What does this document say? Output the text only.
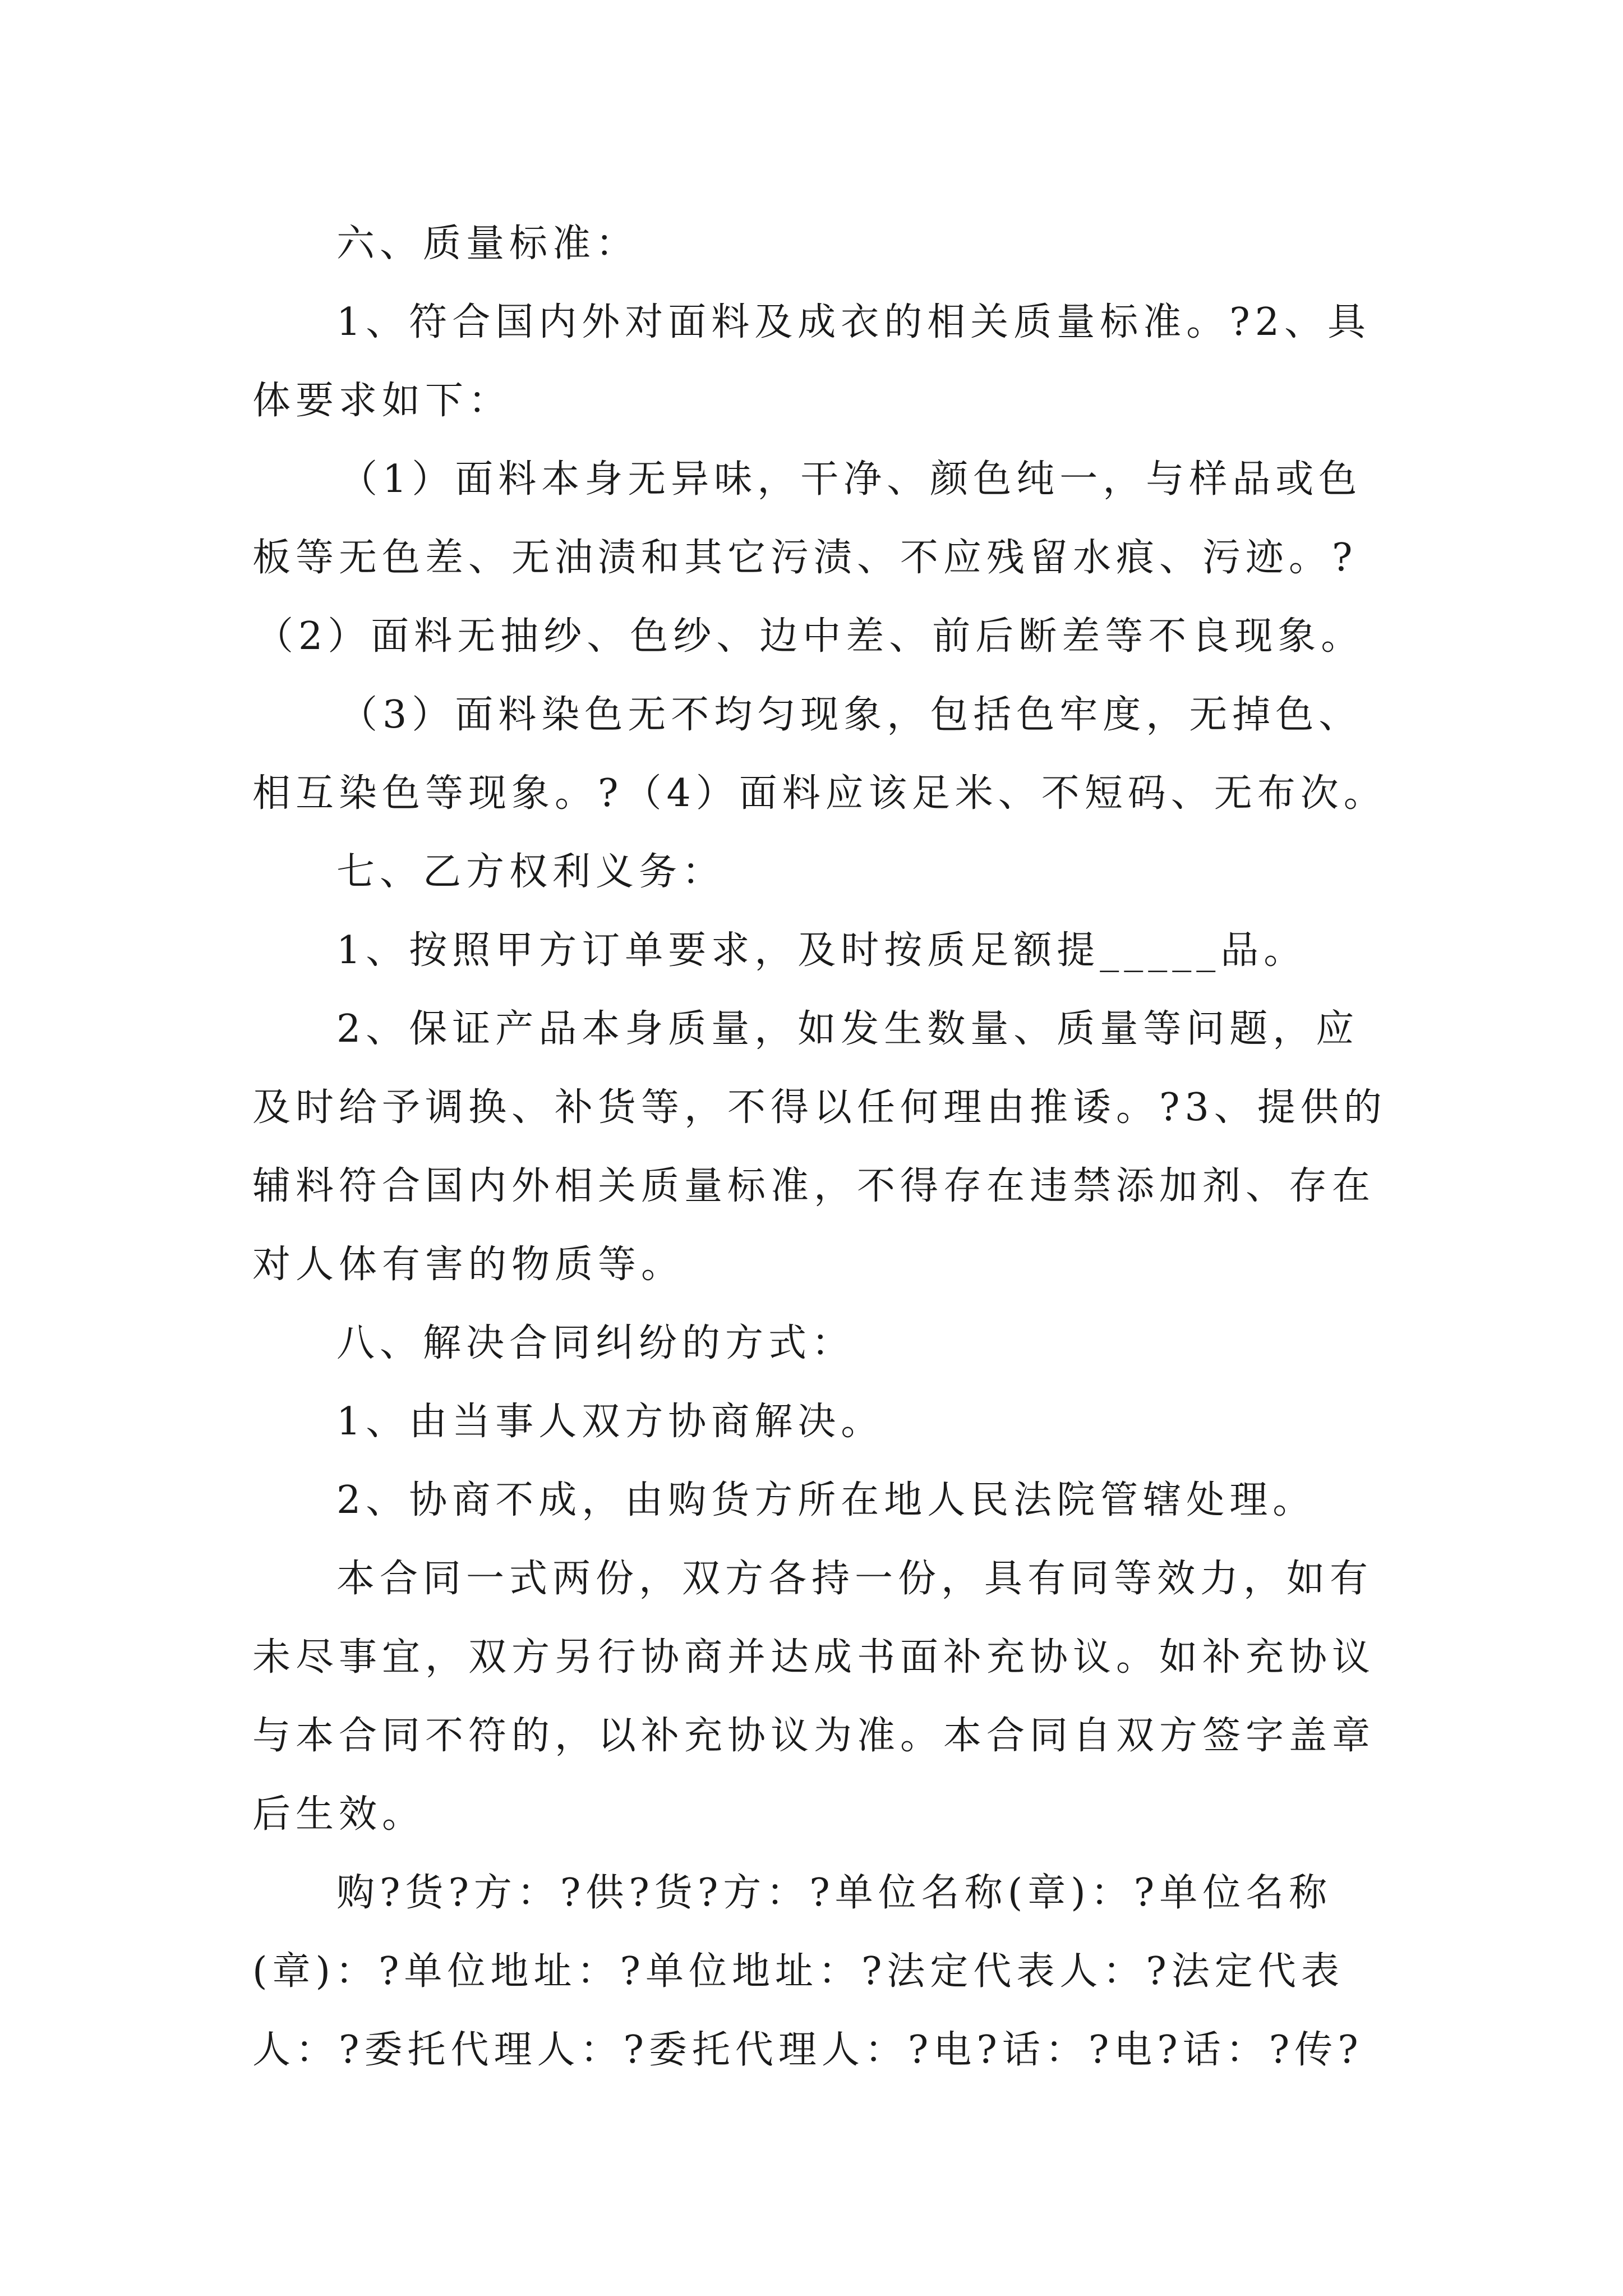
六、质量标准：
1、符合国内外对面料及成衣的相关质量标准。?2、具
体要求如下：
（1）面料本身无异味，干净、颜色纯一，与样品或色
板等无色差、无油渍和其它污渍、不应残留水痕、污迹。?
（2）面料无抽纱、色纱、边中差、前后断差等不良现象。
（3）面料染色无不均匀现象，包括色牢度，无掉色、
相互染色等现象。?（4）面料应该足米、不短码、无布次。
七、乙方权利义务：
1、按照甲方订单要求，及时按质足额提_____品。
2、保证产品本身质量，如发生数量、质量等问题，应
及时给予调换、补货等，不得以任何理由推诿。?3、提供的
辅料符合国内外相关质量标准，不得存在违禁添加剂、存在
对人体有害的物质等。
八、解决合同纠纷的方式：
1、由当事人双方协商解决。
2、协商不成，由购货方所在地人民法院管辖处理。
本合同一式两份，双方各持一份，具有同等效力，如有
未尽事宜，双方另行协商并达成书面补充协议。如补充协议
与本合同不符的，以补充协议为准。本合同自双方签字盖章
后生效。
购?货?方：?供?货?方：?单位名称(章)：?单位名称
(章)：?单位地址：?单位地址：?法定代表人：?法定代表
人：?委托代理人：?委托代理人：?电?话：?电?话：?传?
